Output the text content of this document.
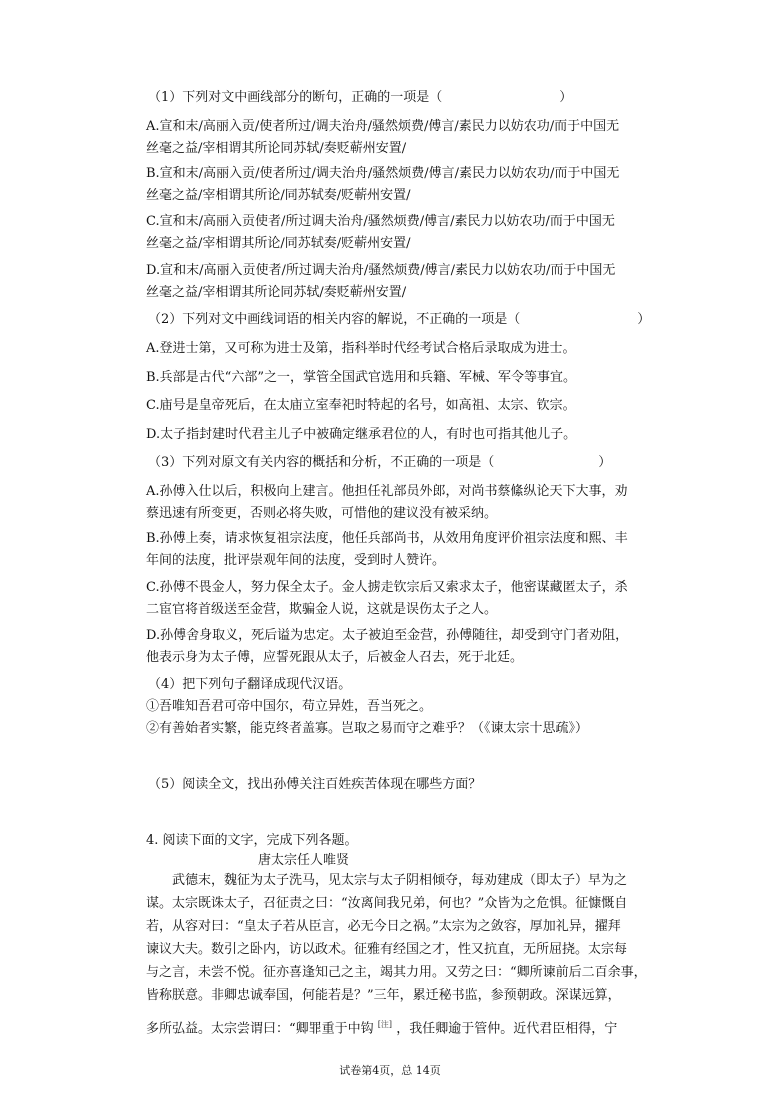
（1）下列对文中画线部分的断句，正确的一项是（　　　　　　　　　）
A.宣和末/高丽入贡/使者所过/调夫治舟/骚然烦费/傅言/素民力以妨农功/而于中国无
丝毫之益/宰相谓其所论同苏轼/奏贬蕲州安置/
B.宣和末/高丽入贡/使者所过/调夫治舟/骚然烦费/傅言/素民力以妨农功/而于中国无
丝毫之益/宰相谓其所论/同苏轼奏/贬蕲州安置/
C.宣和末/高丽入贡使者/所过调夫治舟/骚然烦费/傅言/素民力以妨农功/而于中国无
丝毫之益/宰相谓其所论/同苏轼奏/贬蕲州安置/
D.宣和末/高丽入贡使者/所过调夫治舟/骚然烦费/傅言/素民力以妨农功/而于中国无
丝毫之益/宰相谓其所论同苏轼/奏贬蕲州安置/
（2）下列对文中画线词语的相关内容的解说，不正确的一项是（　　　　　　　　　）
A.登进士第，又可称为进士及第，指科举时代经考试合格后录取成为进士。
B.兵部是古代“六部”之一，掌管全国武官选用和兵籍、军械、军令等事宜。
C.庙号是皇帝死后，在太庙立室奉祀时特起的名号，如高祖、太宗、钦宗。
D.太子指封建时代君主儿子中被确定继承君位的人，有时也可指其他儿子。
（3）下列对原文有关内容的概括和分析，不正确的一项是（　　　　　　　　）
A.孙傅入仕以后，积极向上建言。他担任礼部员外郎，对尚书蔡絛纵论天下大事，劝
蔡迅速有所变更，否则必将失败，可惜他的建议没有被采纳。
B.孙傅上奏，请求恢复祖宗法度，他任兵部尚书，从效用角度评价祖宗法度和熙、丰
年间的法度，批评崇观年间的法度，受到时人赞许。
C.孙傅不畏金人，努力保全太子。金人掳走钦宗后又索求太子，他密谋藏匿太子，杀
二宦官将首级送至金营，欺骗金人说，这就是误伤太子之人。
D.孙傅舍身取义，死后谥为忠定。太子被迫至金营，孙傅随往，却受到守门者劝阻，
他表示身为太子傅，应誓死跟从太子，后被金人召去，死于北廷。
（4）把下列句子翻译成现代汉语。
①吾唯知吾君可帝中国尔，苟立异姓，吾当死之。
②有善始者实繁，能克终者盖寡。岂取之易而守之难乎？（《谏太宗十思疏》）
（5）阅读全文，找出孙傅关注百姓疾苦体现在哪些方面？
4. 阅读下面的文字，完成下列各题。
唐太宗任人唯贤
武德末，魏征为太子洗马，见太宗与太子阴相倾夺，每劝建成（即太子）早为之
谋。太宗既诛太子，召征责之曰：“汝离间我兄弟，何也？”众皆为之危惧。征慷慨自
若，从容对曰：“皇太子若从臣言，必无今日之祸。”太宗为之敛容，厚加礼异，擢拜
谏议大夫。数引之卧内，访以政术。征雅有经国之才，性又抗直，无所屈挠。太宗每
与之言，未尝不悦。征亦喜逢知己之主，竭其力用。又劳之曰：“卿所谏前后二百余事，
皆称朕意。非卿忠诚奉国，何能若是？”三年，累迁秘书监，参预朝政。深谋远算，
多所弘益。太宗尝谓曰：“卿罪重于中钩 [注] ，我任卿逾于管仲。近代君臣相得，宁
试卷第4页，总 14页
